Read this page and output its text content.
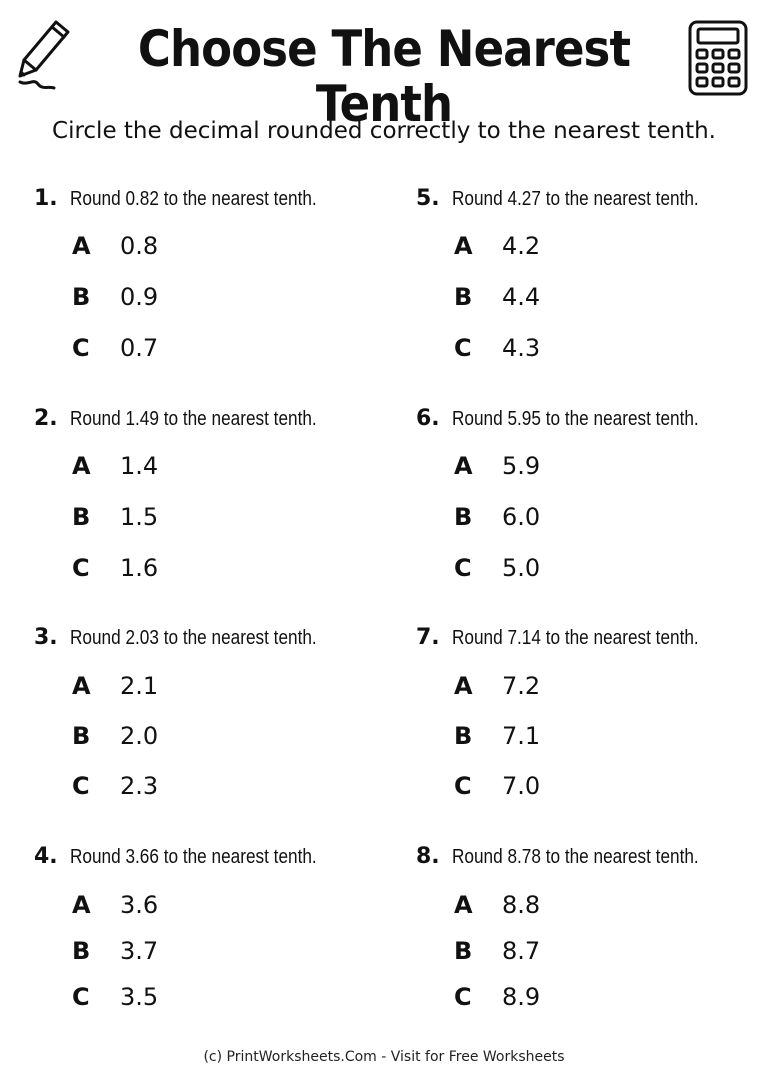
Choose The Nearest Tenth
Circle the decimal rounded correctly to the nearest tenth.
1. Round 0.82 to the nearest tenth.
A 0.8
B 0.9
C 0.7
2. Round 1.49 to the nearest tenth.
A 1.4
B 1.5
C 1.6
3. Round 2.03 to the nearest tenth.
A 2.1
B 2.0
C 2.3
4. Round 3.66 to the nearest tenth.
A 3.6
B 3.7
C 3.5
5. Round 4.27 to the nearest tenth.
A 4.2
B 4.4
C 4.3
6. Round 5.95 to the nearest tenth.
A 5.9
B 6.0
C 5.0
7. Round 7.14 to the nearest tenth.
A 7.2
B 7.1
C 7.0
8. Round 8.78 to the nearest tenth.
A 8.8
B 8.7
C 8.9
(c) PrintWorksheets.Com - Visit for Free Worksheets
